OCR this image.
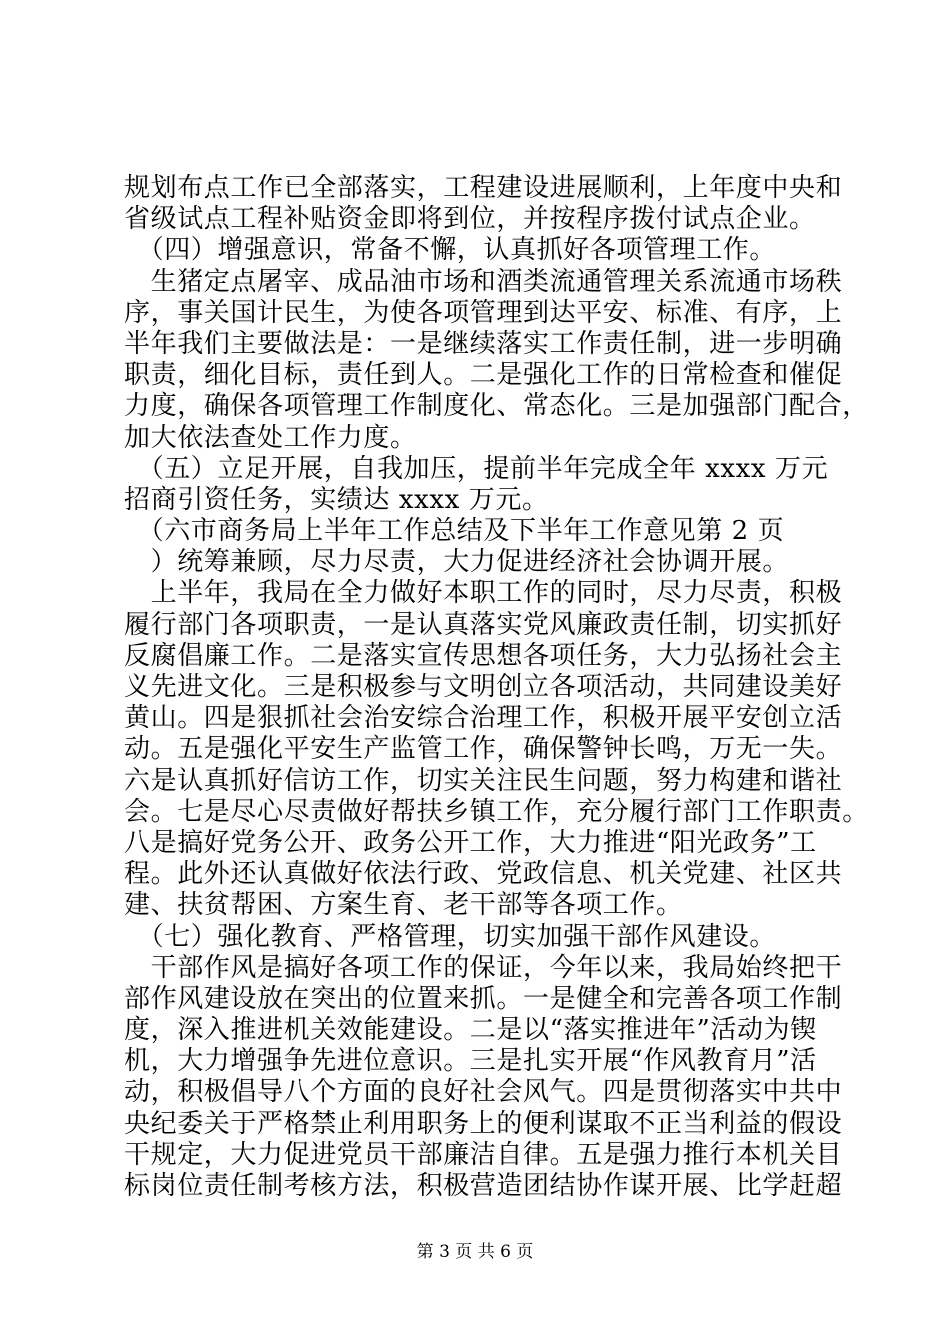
规划布点工作已全部落实，工程建设进展顺利，上年度中央和
省级试点工程补贴资金即将到位，并按程序拨付试点企业。
　（四）增强意识，常备不懈，认真抓好各项管理工作。
　生猪定点屠宰、成品油市场和酒类流通管理关系流通市场秩
序，事关国计民生，为使各项管理到达平安、标准、有序，上
半年我们主要做法是：一是继续落实工作责任制，进一步明确
职责，细化目标，责任到人。二是强化工作的日常检查和催促
力度，确保各项管理工作制度化、常态化。三是加强部门配合，
加大依法查处工作力度。
　（五）立足开展，自我加压，提前半年完成全年 xxxx 万元
招商引资任务，实绩达 xxxx 万元。
　（六市商务局上半年工作总结及下半年工作意见第 2 页
　）统筹兼顾，尽力尽责，大力促进经济社会协调开展。
　上半年，我局在全力做好本职工作的同时，尽力尽责，积极
履行部门各项职责，一是认真落实党风廉政责任制，切实抓好
反腐倡廉工作。二是落实宣传思想各项任务，大力弘扬社会主
义先进文化。三是积极参与文明创立各项活动，共同建设美好
黄山。四是狠抓社会治安综合治理工作，积极开展平安创立活
动。五是强化平安生产监管工作，确保警钟长鸣，万无一失。
六是认真抓好信访工作，切实关注民生问题，努力构建和谐社
会。七是尽心尽责做好帮扶乡镇工作，充分履行部门工作职责。
八是搞好党务公开、政务公开工作，大力推进“阳光政务”工
程。此外还认真做好依法行政、党政信息、机关党建、社区共
建、扶贫帮困、方案生育、老干部等各项工作。
　（七）强化教育、严格管理，切实加强干部作风建设。
　干部作风是搞好各项工作的保证，今年以来，我局始终把干
部作风建设放在突出的位置来抓。一是健全和完善各项工作制
度，深入推进机关效能建设。二是以“落实推进年”活动为锲
机，大力增强争先进位意识。三是扎实开展“作风教育月”活
动，积极倡导八个方面的良好社会风气。四是贯彻落实中共中
央纪委关于严格禁止利用职务上的便利谋取不正当利益的假设
干规定，大力促进党员干部廉洁自律。五是强力推行本机关目
标岗位责任制考核方法，积极营造团结协作谋开展、比学赶超
第 3 页 共 6 页
